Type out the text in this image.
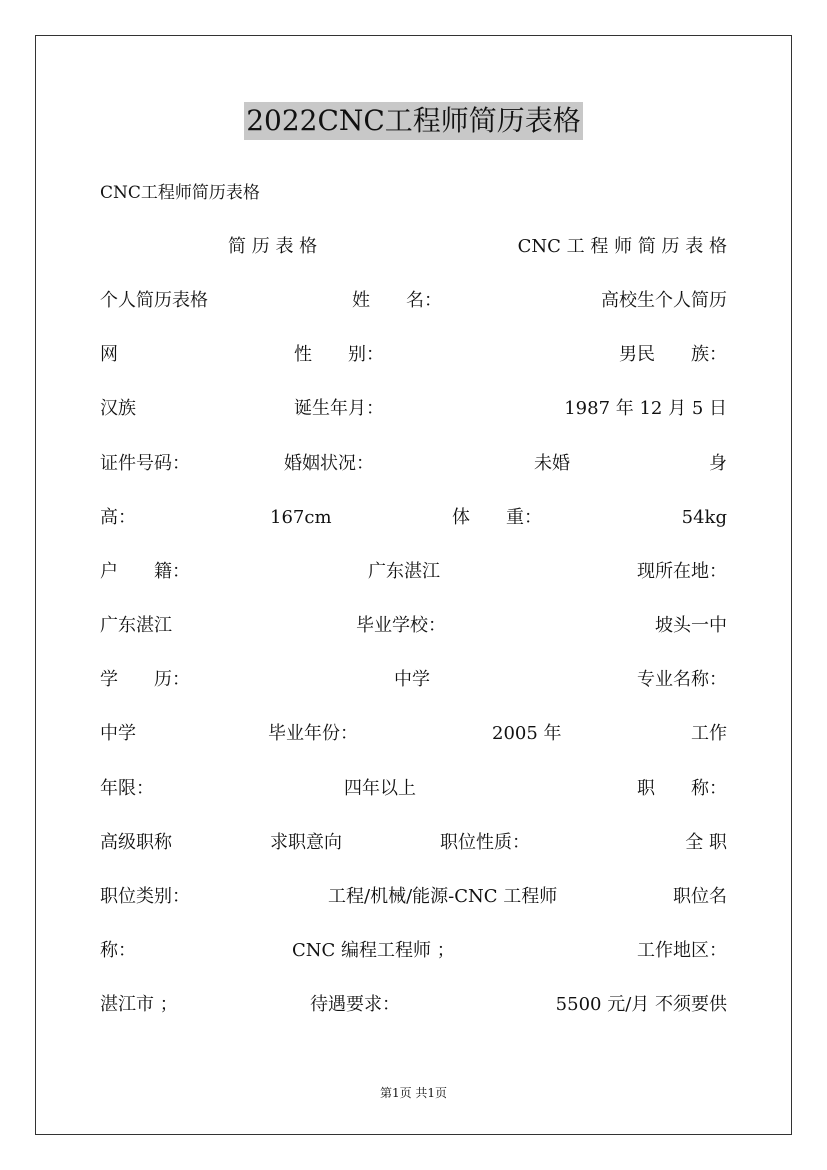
2022CNC工程师简历表格
CNC工程师简历表格
简 历 表 格	CNC 工 程 师 简 历 表 格
个人简历表格	姓　　名：	高校生个人简历
网	性　　别：	男民　　族：
汉族	诞生年月：	1987 年 12 月 5 日
证件号码：	婚姻状况：	未婚	身
高：	167cm	体　　重：	54kg
户　　籍：	广东湛江	现所在地：
广东湛江	毕业学校：	坡头一中
学　　历：	中学	专业名称：
中学	毕业年份：	2005 年	工作
年限：	四年以上	职　　称：
高级职称	求职意向	职位性质：	全 职
职位类别：	工程/机械/能源-CNC 工程师	职位名
称：	CNC 编程工程师 ；	工作地区：
湛江市 ；	待遇要求：	5500 元/月 不须要供
第1页 共1页
